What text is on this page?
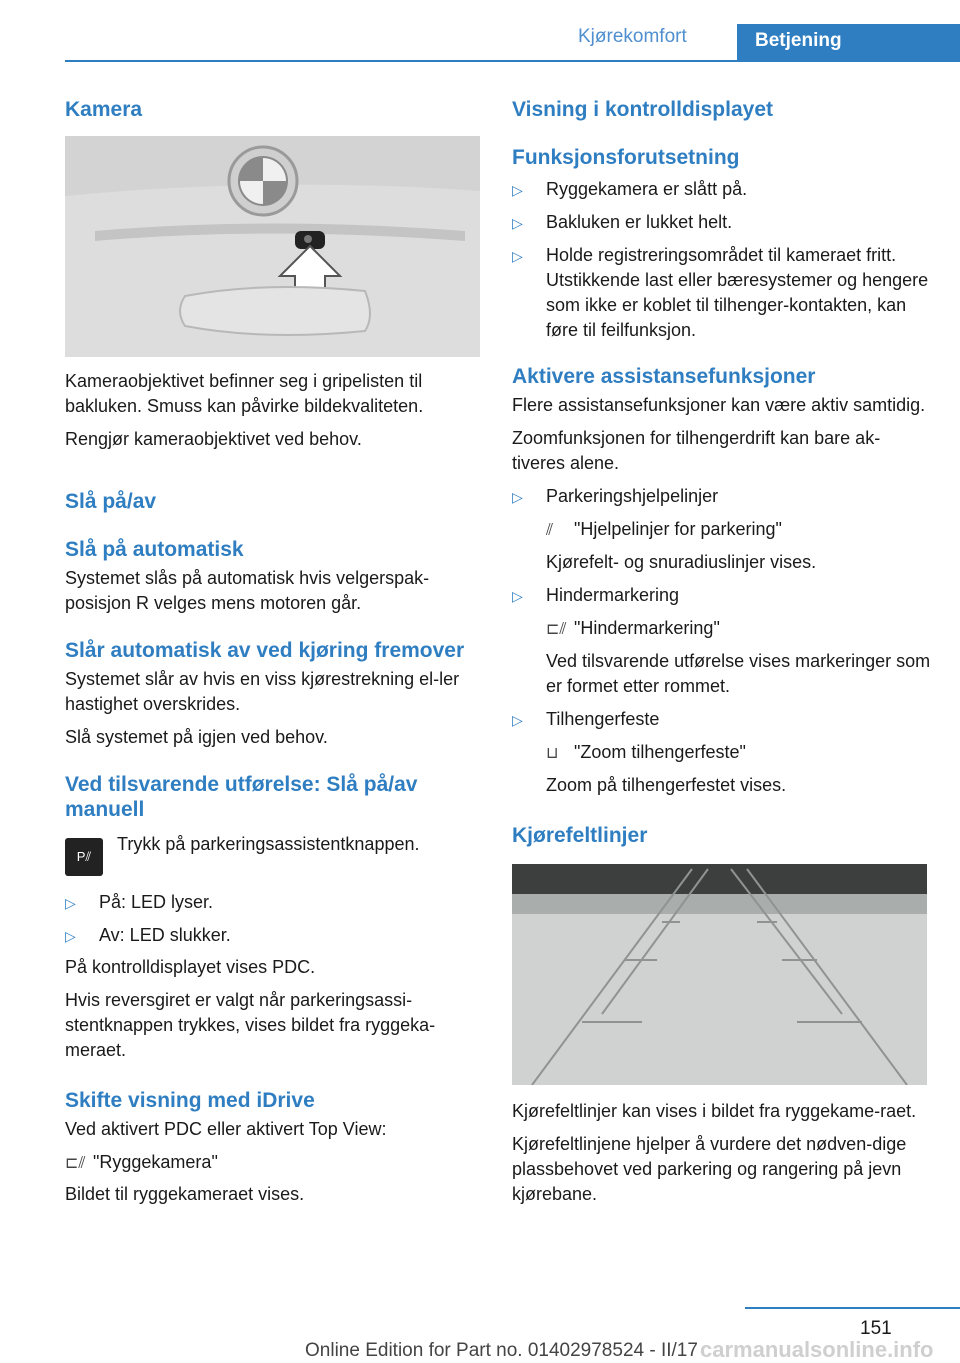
Kjørekomfort	Betjening
Kamera

Kameraobjektivet befinner seg i gripelisten til bakluken. Smuss kan påvirke bildekvaliteten.

Rengjør kameraobjektivet ved behov.

Slå på/av
Slå på automatisk

Systemet slås på automatisk hvis velgerspak-posisjon R velges mens motoren går.

Slår automatisk av ved kjøring fremover

Systemet slår av hvis en viss kjørestrekning el-ler hastighet overskrides.

Slå systemet på igjen ved behov.

Ved tilsvarende utførelse: Slå på/av manuell
P⫽
Trykk på parkeringsassistentknappen.
▷	På: LED lyser.
▷	Av: LED slukker.

På kontrolldisplayet vises PDC.

Hvis reversgiret er valgt når parkeringsassi-stentknappen trykkes, vises bildet fra ryggeka-meraet.

Skifte visning med iDrive

Ved aktivert PDC eller aktivert Top View:

⊏⫽ "Ryggekamera"

Bildet til ryggekameraet vises.

Visning i kontrolldisplayet
Funksjonsforutsetning
▷	Ryggekamera er slått på.
▷	Bakluken er lukket helt.
▷	Holde registreringsområdet til kameraet fritt. Utstikkende last eller bæresystemer og hengere som ikke er koblet til tilhenger-kontakten, kan føre til feilfunksjon.
Aktivere assistansefunksjoner

Flere assistansefunksjoner kan være aktiv samtidig.

Zoomfunksjonen for tilhengerdrift kan bare ak-tiveres alene.

▷	Parkeringshjelpelinjer
⫽ "Hjelpelinjer for parkering"
Kjørefelt- og snuradiuslinjer vises.
▷	Hindermarkering
⊏⫽ "Hindermarkering"
Ved tilsvarende utførelse vises markeringer som er formet etter rommet.
▷	Tilhengerfeste
⊔ "Zoom tilhengerfeste"
Zoom på tilhengerfestet vises.
Kjørefeltlinjer

Kjørefeltlinjer kan vises i bildet fra ryggekame-raet.

Kjørefeltlinjene hjelper å vurdere det nødven-dige plassbehovet ved parkering og rangering på jevn kjørebane.

151
Online Edition for Part no. 01402978524 - II/17 carmanualsonline.info
